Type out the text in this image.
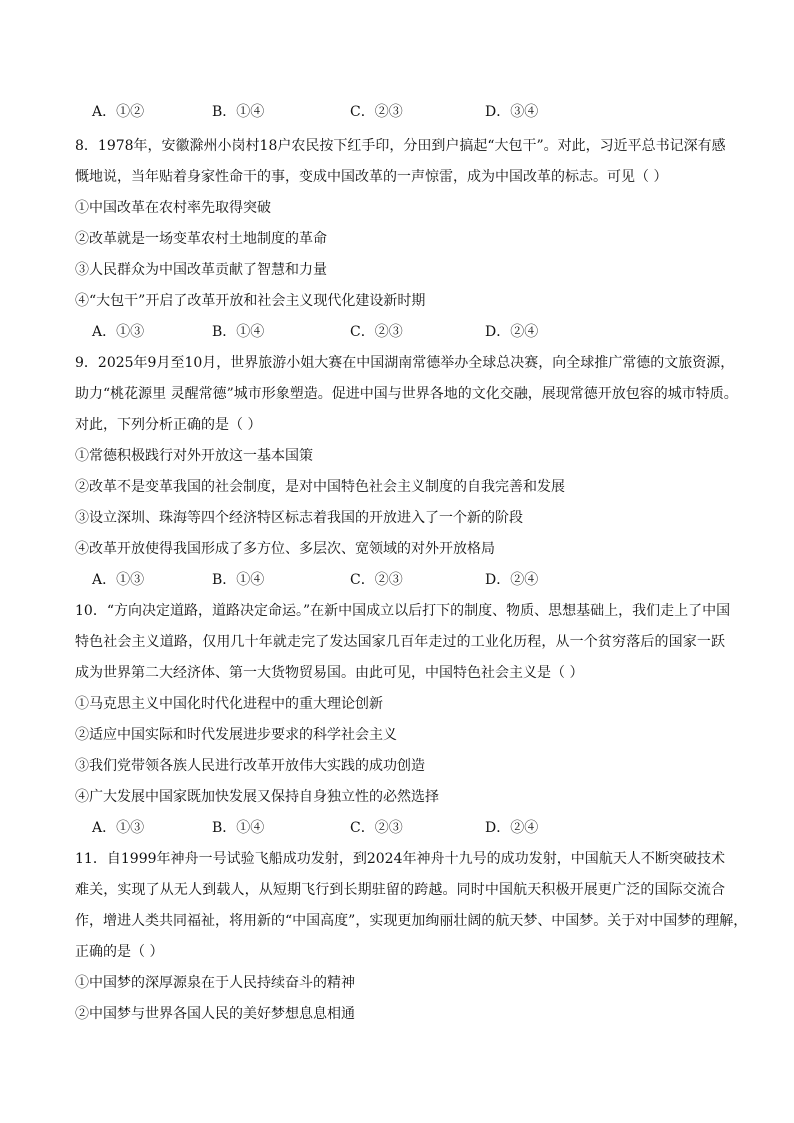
A．①②	B．①④	C．②③	D．③④
8．1978年，安徽滁州小岗村18户农民按下红手印，分田到户搞起“大包干”。对此，习近平总书记深有感
慨地说，当年贴着身家性命干的事，变成中国改革的一声惊雷，成为中国改革的标志。可见（ ）
①中国改革在农村率先取得突破
②改革就是一场变革农村土地制度的革命
③人民群众为中国改革贡献了智慧和力量
④“大包干”开启了改革开放和社会主义现代化建设新时期
A．①③	B．①④	C．②③	D．②④
9．2025年9月至10月，世界旅游小姐大赛在中国湖南常德举办全球总决赛，向全球推广常德的文旅资源，
助力“桃花源里 灵醒常德”城市形象塑造。促进中国与世界各地的文化交融，展现常德开放包容的城市特质。
对此，下列分析正确的是（ ）
①常德积极践行对外开放这一基本国策
②改革不是变革我国的社会制度，是对中国特色社会主义制度的自我完善和发展
③设立深圳、珠海等四个经济特区标志着我国的开放进入了一个新的阶段
④改革开放使得我国形成了多方位、多层次、宽领域的对外开放格局
A．①③	B．①④	C．②③	D．②④
10．“方向决定道路，道路决定命运。”在新中国成立以后打下的制度、物质、思想基础上，我们走上了中国
特色社会主义道路，仅用几十年就走完了发达国家几百年走过的工业化历程，从一个贫穷落后的国家一跃
成为世界第二大经济体、第一大货物贸易国。由此可见，中国特色社会主义是（ ）
①马克思主义中国化时代化进程中的重大理论创新
②适应中国实际和时代发展进步要求的科学社会主义
③我们党带领各族人民进行改革开放伟大实践的成功创造
④广大发展中国家既加快发展又保持自身独立性的必然选择
A．①③	B．①④	C．②③	D．②④
11．自1999年神舟一号试验飞船成功发射，到2024年神舟十九号的成功发射，中国航天人不断突破技术
难关，实现了从无人到载人，从短期飞行到长期驻留的跨越。同时中国航天积极开展更广泛的国际交流合
作，增进人类共同福祉，将用新的“中国高度”，实现更加绚丽壮阔的航天梦、中国梦。关于对中国梦的理解，
正确的是（ ）
①中国梦的深厚源泉在于人民持续奋斗的精神
②中国梦与世界各国人民的美好梦想息息相通
